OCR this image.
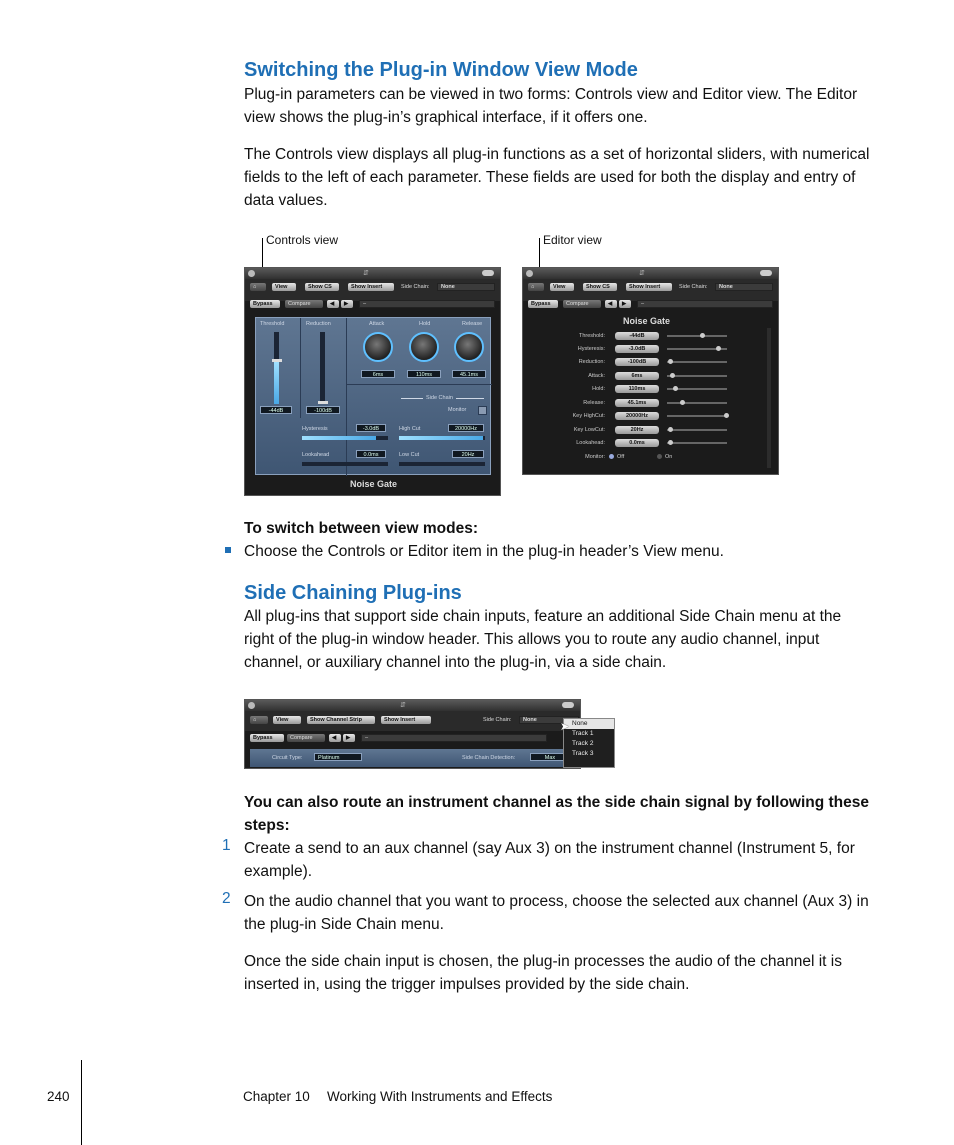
Switching the Plug-in Window View Mode

Plug-in parameters can be viewed in two forms: Controls view and Editor view. The Editor view shows the plug-in’s graphical interface, if it offers one.

The Controls view displays all plug-in functions as a set of horizontal sliders, with numerical fields to the left of each parameter. These fields are used for both the display and entry of data values.

Controls view	Editor view
⇵
⌂	View	Show CS	Show Insert	Side Chain:	None
Bypass	Compare	◀	▶	–
Threshold	Reduction
-44dB	-100dB
Attack	Hold	Release
6ms	110ms	45.1ms
Side Chain
Monitor
Hysteresis	-3.0dB
Lookahead	0.0ms
High Cut	20000Hz
Low Cut	20Hz
Noise Gate
⇵
⌂	View	Show CS	Show Insert	Side Chain:	None
Bypass	Compare	◀	▶	–
Noise Gate
Threshold:	-44dB
Hysteresis:	-3.0dB
Reduction:	-100dB
Attack:	6ms
Hold:	110ms
Release:	45.1ms
Key HighCut:	20000Hz
Key LowCut:	20Hz
Lookahead:	0.0ms
Monitor: Off	On
To switch between view modes:
Choose the Controls or Editor item in the plug-in header’s View menu.
Side Chaining Plug-ins

All plug-ins that support side chain inputs, feature an additional Side Chain menu at the right of the plug-in window header. This allows you to route any audio channel, input channel, or auxiliary channel into the plug-in, via a side chain.

⇵
⌂	View	Show Channel Strip	Show Insert	Side Chain:	None
Bypass	Compare	◀	▶	–
Circuit Type:	Platinum	Side Chain Detection:	Max
None
Track 1
Track 2
Track 3
➤
You can also route an instrument channel as the side chain signal by following these steps:
1 Create a send to an aux channel (say Aux 3) on the instrument channel (Instrument 5, for example).
2 On the audio channel that you want to process, choose the selected aux channel (Aux 3) in the plug-in Side Chain menu.

Once the side chain input is chosen, the plug-in processes the audio of the channel it is inserted in, using the trigger impulses provided by the side chain.

240	Chapter 10 Working With Instruments and Effects
